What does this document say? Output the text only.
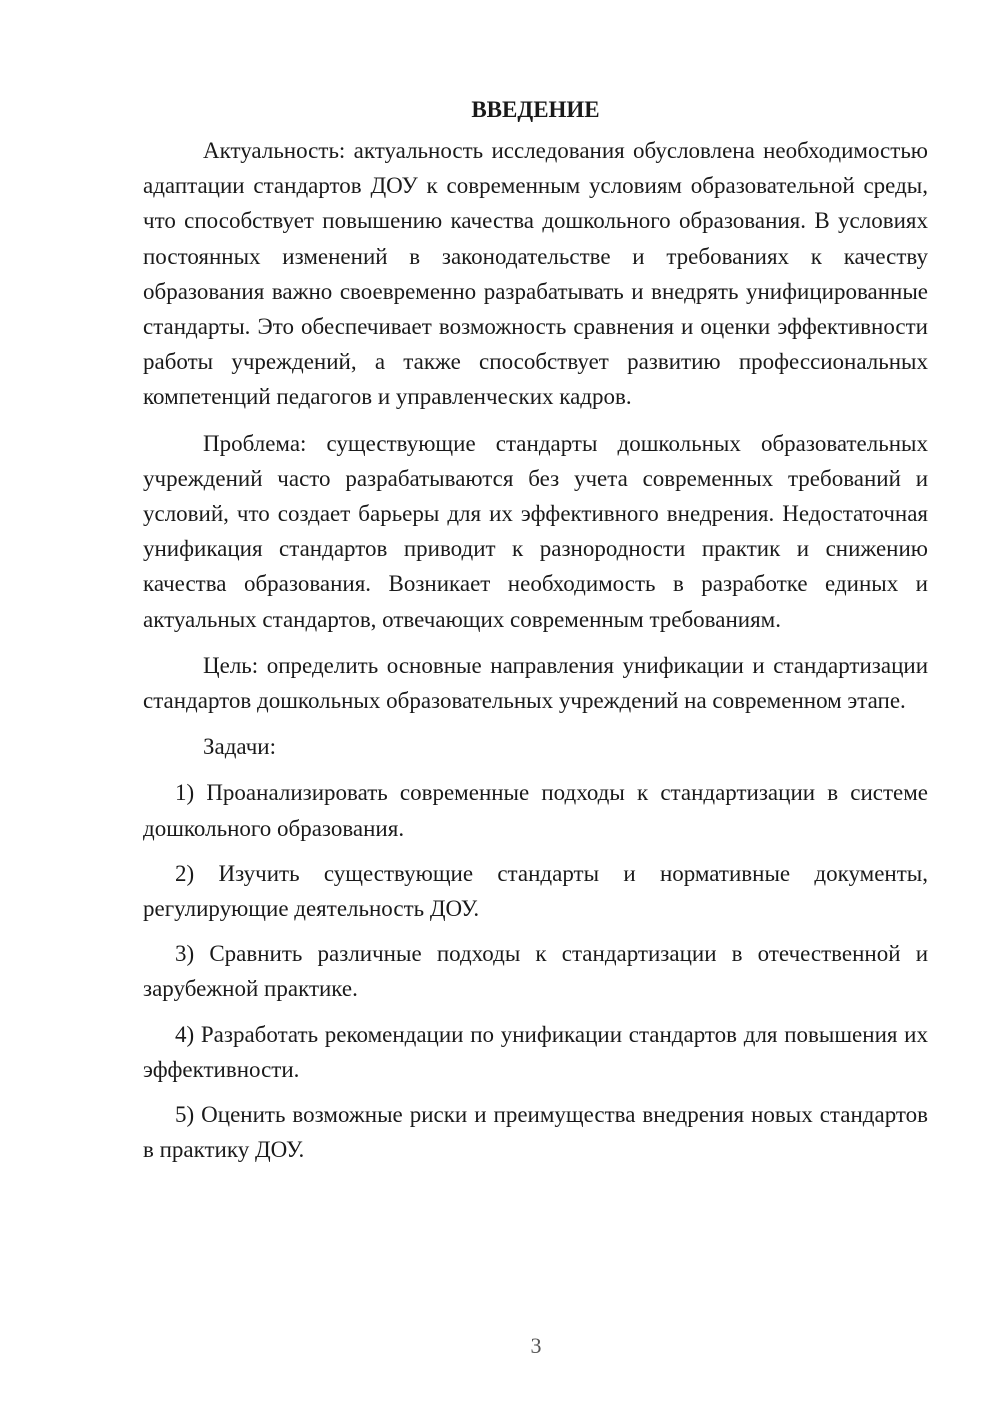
ВВЕДЕНИЕ

Актуальность: актуальность исследования обусловлена необходимостью адаптации стандартов ДОУ к современным условиям образовательной среды, что способствует повышению качества дошкольного образования. В условиях постоянных изменений в законодательстве и требованиях к качеству образования важно своевременно разрабатывать и внедрять унифицированные стандарты. Это обеспечивает возможность сравнения и оценки эффективности работы учреждений, а также способствует развитию профессиональных компетенций педагогов и управленческих кадров.

Проблема: существующие стандарты дошкольных образовательных учреждений часто разрабатываются без учета современных требований и условий, что создает барьеры для их эффективного внедрения. Недостаточная унификация стандартов приводит к разнородности практик и снижению качества образования. Возникает необходимость в разработке единых и актуальных стандартов, отвечающих современным требованиям.

Цель: определить основные направления унификации и стандартизации стандартов дошкольных образовательных учреждений на современном этапе.

Задачи:

1) Проанализировать современные подходы к стандартизации в системе дошкольного образования.

2) Изучить существующие стандарты и нормативные документы, регулирующие деятельность ДОУ.

3) Сравнить различные подходы к стандартизации в отечественной и зарубежной практике.

4) Разработать рекомендации по унификации стандартов для повышения их эффективности.

5) Оценить возможные риски и преимущества внедрения новых стандартов в практику ДОУ.

3
